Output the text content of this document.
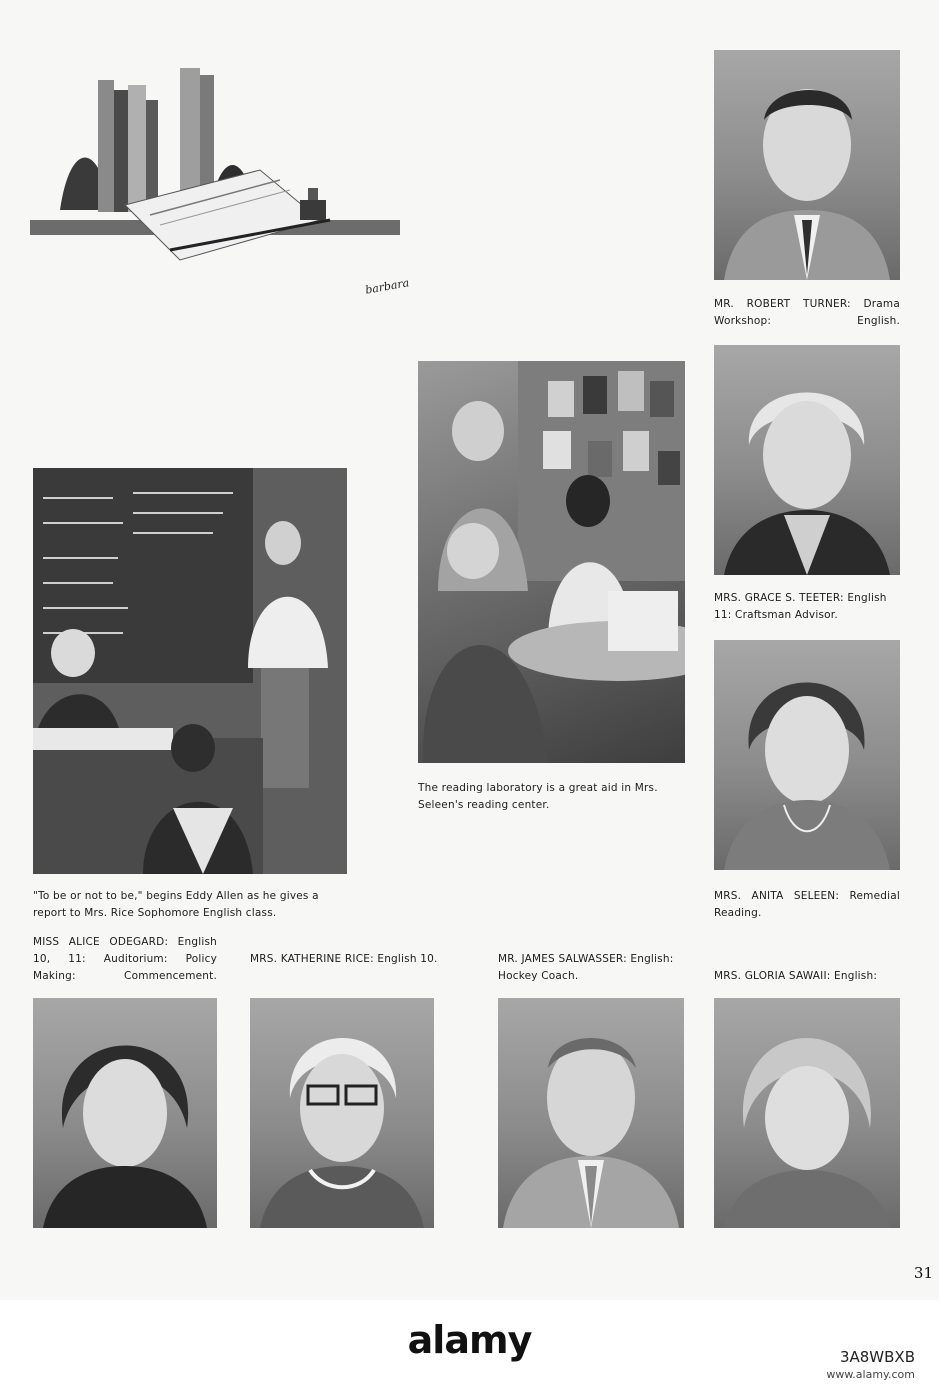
barbara
MR. ROBERT TURNER: Drama Workshop: English.
The reading laboratory is a great aid in Mrs. Seleen's reading center.
MRS. GRACE S. TEETER: English 11: Craftsman Advisor.
MRS. ANITA SELEEN: Remedial Reading.
"To be or not to be," begins Eddy Allen as he gives a report to Mrs. Rice Sophomore English class.
MISS ALICE ODEGARD: English 10, 11: Auditorium: Policy Making: Commencement.
MRS. KATHERINE RICE: English 10.	MR. JAMES SALWASSER: English: Hockey Coach.	MRS. GLORIA SAWAII: English:
31
alamy	3A8WBXB
www.alamy.com
